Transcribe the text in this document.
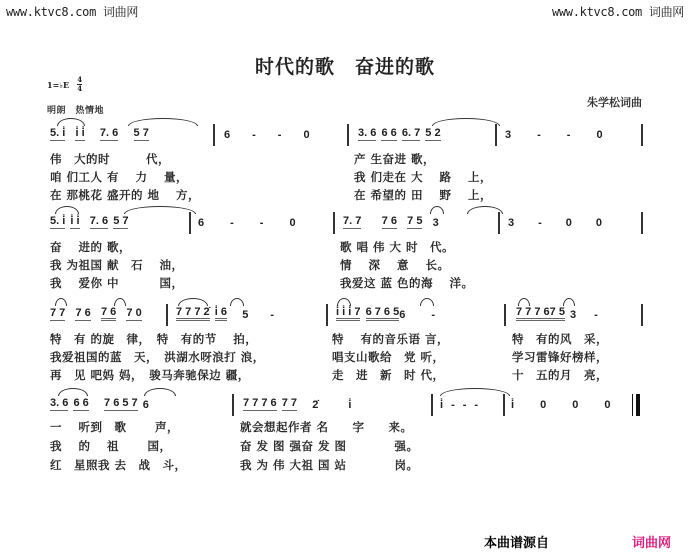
www.ktvc8.com 词曲网	www.ktvc8.com 词曲网
时代的歌　奋进的歌
1=♭E 4
4
明朗　热情地
朱学松词曲
5. i̇
i̇ i̇
7. 6
5 7	6 - - 0	3. 6
6 6
6. 7
5 2	3 - - 0
伟　大的时　　　代，	产 生奋进 歌，
咱 们工人 有　 力　 量，	我 们走在 大　 路　 上，
在 那桃花 盛开的 地　 方，	在 希望的 田　 野　 上，
5. i̇
i̇ i̇
7. 6
5 7	6 - - 0	7. 7
7 6
7 5
3	3 - 0 0
奋　 进的 歌，	歌 唱 伟 大 时　代。
我 为祖国 献　石　 油，	情　 深　 意　 长。
我　 爱你 中　　　 国，	我爱这 蓝 色的海　 洋。
7 7
7 6
7 6
7 0	7 7 7 2̇
i̇ 6
5 -	i̇ i̇ i̇ 7
6 7 6 5 6 -	7 7 7 6 7 5
3 -
特　有 的旋　律，　特　有的节　 拍，	特　 有的音乐语 言，	特　有的风　采，
我爱祖国的蓝　天，　洪湖水呀浪打 浪，	唱支山歌给　党 听，	学习雷锋好榜样，
再　见 吧妈 妈，　骏马奔驰保边 疆，	走　进　新　时 代，	十　五的月　亮，
3. 6
6 6
7 6 5 7
6	7 7 7 6
7 7
2̇	i̇	i̇ - - -	i̇ 0 0 0
一　 听到　歌　　 声，	就会想起作者 名　　字　　来。
我　 的　 祖　　 国，	奋 发 图 强奋 发 图　　　　强。
红　星照我 去　战　斗，	我 为 伟 大祖 国 站　　　　岗。
本曲谱源自	词曲网
